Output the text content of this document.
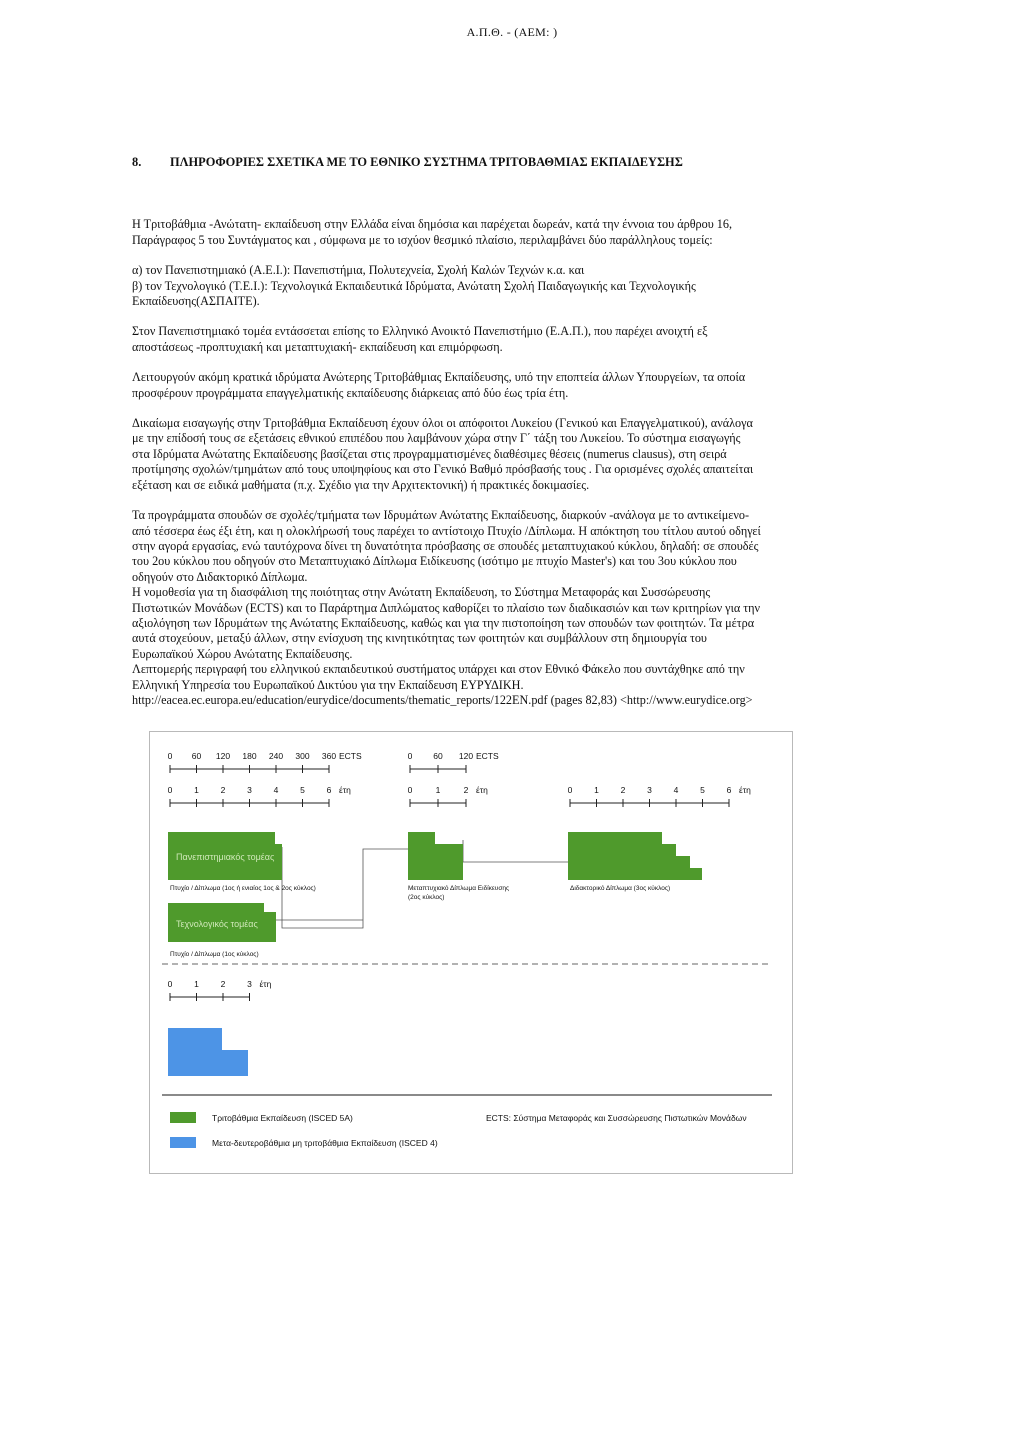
Α.Π.Θ. - (ΑΕΜ: )
8. ΠΛΗΡΟΦΟΡΙΕΣ ΣΧΕΤΙΚΑ ΜΕ ΤΟ ΕΘΝΙΚΟ ΣΥΣΤΗΜΑ ΤΡΙΤΟΒΑΘΜΙΑΣ ΕΚΠΑΙΔΕΥΣΗΣ
Η Τριτοβάθμια -Ανώτατη- εκπαίδευση στην Ελλάδα είναι δημόσια και παρέχεται δωρεάν, κατά την έννοια του άρθρου 16,
Παράγραφος 5 του Συντάγματος και , σύμφωνα με το ισχύον θεσμικό πλαίσιο, περιλαμβάνει δύο παράλληλους τομείς:
α) τον Πανεπιστημιακό (Α.Ε.Ι.): Πανεπιστήμια, Πολυτεχνεία, Σχολή Καλών Τεχνών κ.α. και
β) τον Τεχνολογικό (Τ.Ε.Ι.): Τεχνολογικά Εκπαιδευτικά Ιδρύματα, Ανώτατη Σχολή Παιδαγωγικής και Τεχνολογικής
Εκπαίδευσης(ΑΣΠΑΙΤΕ).
Στον Πανεπιστημιακό τομέα εντάσσεται επίσης το Ελληνικό Ανοικτό Πανεπιστήμιο (Ε.Α.Π.), που παρέχει ανοιχτή εξ
αποστάσεως -προπτυχιακή και μεταπτυχιακή- εκπαίδευση και επιμόρφωση.
Λειτουργούν ακόμη κρατικά ιδρύματα Ανώτερης Τριτοβάθμιας Εκπαίδευσης, υπό την εποπτεία άλλων Υπουργείων, τα οποία
προσφέρουν προγράμματα επαγγελματικής εκπαίδευσης διάρκειας από δύο έως τρία έτη.
Δικαίωμα εισαγωγής στην Τριτοβάθμια Εκπαίδευση έχουν όλοι οι απόφοιτοι Λυκείου (Γενικού και Επαγγελματικού), ανάλογα
με την επίδοσή τους σε εξετάσεις εθνικού επιπέδου που λαμβάνουν χώρα στην Γ΄ τάξη του Λυκείου. Το σύστημα εισαγωγής
στα Ιδρύματα Ανώτατης Εκπαίδευσης βασίζεται στις προγραμματισμένες διαθέσιμες θέσεις (numerus clausus), στη σειρά
προτίμησης σχολών/τμημάτων από τους υποψηφίους και στο Γενικό Βαθμό πρόσβασής τους . Για ορισμένες σχολές απαιτείται
εξέταση και σε ειδικά μαθήματα (π.χ. Σχέδιο για την Αρχιτεκτονική) ή πρακτικές δοκιμασίες.
Τα προγράμματα σπουδών σε σχολές/τμήματα των Ιδρυμάτων Ανώτατης Εκπαίδευσης, διαρκούν -ανάλογα με το αντικείμενο-
από τέσσερα έως έξι έτη, και η ολοκλήρωσή τους παρέχει το αντίστοιχο Πτυχίο /Δίπλωμα. Η απόκτηση του τίτλου αυτού οδηγεί
στην αγορά εργασίας, ενώ ταυτόχρονα δίνει τη δυνατότητα πρόσβασης σε σπουδές μεταπτυχιακού κύκλου, δηλαδή: σε σπουδές
του 2ου κύκλου που οδηγούν στο Μεταπτυχιακό Δίπλωμα Ειδίκευσης (ισότιμο με πτυχίο Master's) και του 3ου κύκλου που
οδηγούν στο Διδακτορικό Δίπλωμα.
Η νομοθεσία για τη διασφάλιση της ποιότητας στην Ανώτατη Εκπαίδευση, το Σύστημα Μεταφοράς και Συσσώρευσης
Πιστωτικών Μονάδων (ECTS) και το Παράρτημα Διπλώματος καθορίζει το πλαίσιο των διαδικασιών και των κριτηρίων για την
αξιολόγηση των Ιδρυμάτων της Ανώτατης Εκπαίδευσης, καθώς και για την πιστοποίηση των σπουδών των φοιτητών. Τα μέτρα
αυτά στοχεύουν, μεταξύ άλλων, στην ενίσχυση της κινητικότητας των φοιτητών και συμβάλλουν στη δημιουργία του
Ευρωπαϊκού Χώρου Ανώτατης Εκπαίδευσης.
Λεπτομερής περιγραφή του ελληνικού εκπαιδευτικού συστήματος υπάρχει και στον Εθνικό Φάκελο που συντάχθηκε από την
Ελληνική Υπηρεσία του Ευρωπαϊκού Δικτύου για την Εκπαίδευση ΕΥΡΥΔΙΚΗ.
http://eacea.ec.europa.eu/education/eurydice/documents/thematic_reports/122EN.pdf (pages 82,83) <http://www.eurydice.org>
0 60 120 180 240 300 360 ECTS	0 60 120 ECTS
0	1	2	3	4	5	6 έτη	0	1	2 έτη	0	1	2	3	4	5	6 έτη
0	1	2	3 έτη
Πανεπιστημιακός τομέας
Πτυχίο / Δίπλωμα (1ος ή ενιαίος 1ος & 2ος κύκλος)
Τεχνολογικός τομέας
Πτυχίο / Δίπλωμα (1ος κύκλος)
Μεταπτυχιακό Δίπλωμα Ειδίκευσης
(2ος κύκλος)
Διδακτορικό Δίπλωμα (3ος κύκλος)
Τριτοβάθμια Εκπαίδευση (ISCED 5A)	ECTS: Σύστημα Μεταφοράς και Συσσώρευσης Πιστωτικών Μονάδων
Μετα-δευτεροβάθμια μη τριτοβάθμια Εκπαίδευση (ISCED 4)
